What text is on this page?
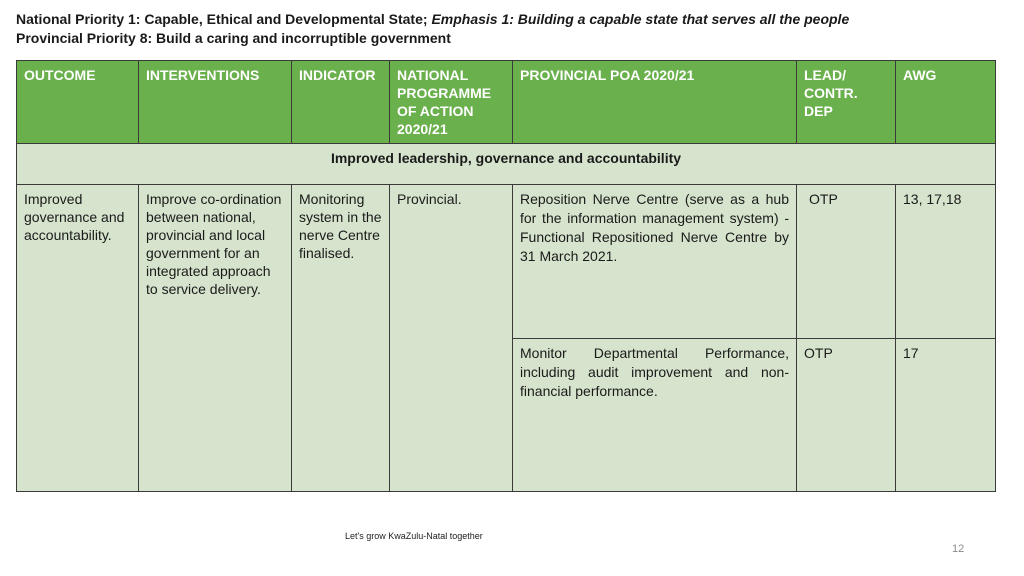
National Priority 1: Capable, Ethical and Developmental State; Emphasis 1: Building a capable state that serves all the people
Provincial Priority 8: Build a caring and incorruptible government
OUTCOME	INTERVENTIONS	INDICATOR	NATIONAL PROGRAMME OF ACTION 2020/21	PROVINCIAL POA 2020/21	LEAD/ CONTR. DEP	AWG
Improved leadership, governance and accountability						
Improved governance and accountability.	Improve co-ordination between national, provincial and local government for an integrated approach to service delivery.	Monitoring system in the nerve Centre finalised.	Provincial.	Reposition Nerve Centre (serve as a hub for the information management system) - Functional Repositioned Nerve Centre by 31 March 2021.	OTP	13, 17,18
				Monitor Departmental Performance, including audit improvement and non-financial performance.	OTP	17
Let's grow KwaZulu-Natal together
12
